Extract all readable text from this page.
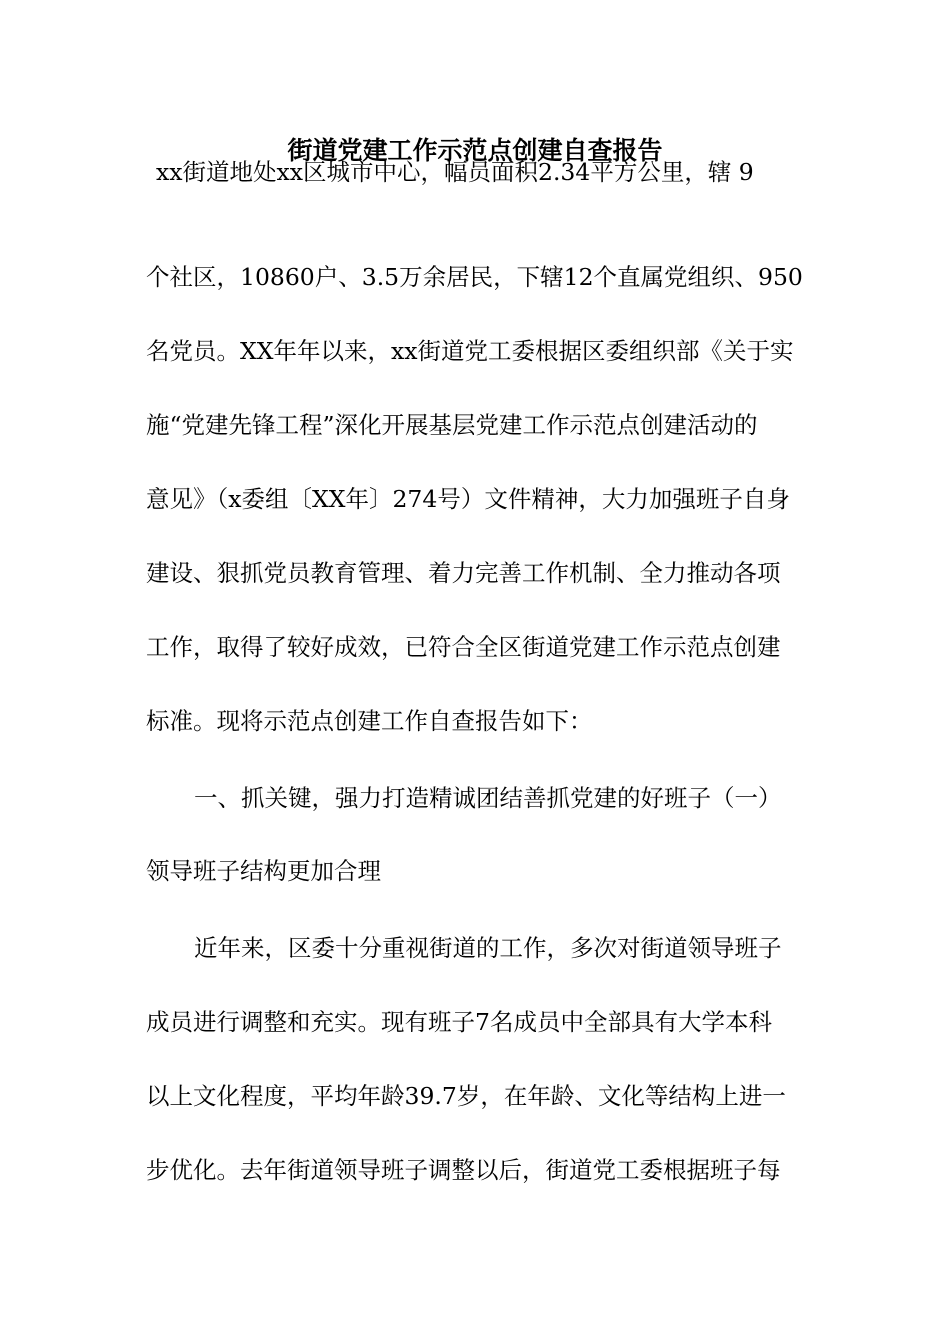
街道党建工作示范点创建自查报告
xx街道地处xx区城市中心，幅员面积2.34平方公里，辖 9
个社区，10860户、3.5万余居民，下辖12个直属党组织、950
名党员。XX年年以来，xx街道党工委根据区委组织部《关于实
施“党建先锋工程”深化开展基层党建工作示范点创建活动的
意见》（x委组〔XX年〕274号）文件精神，大力加强班子自身
建设、狠抓党员教育管理、着力完善工作机制、全力推动各项
工作，取得了较好成效，已符合全区街道党建工作示范点创建
标准。现将示范点创建工作自查报告如下：
一、抓关键，强力打造精诚团结善抓党建的好班子（一）
领导班子结构更加合理
近年来，区委十分重视街道的工作，多次对街道领导班子
成员进行调整和充实。现有班子7名成员中全部具有大学本科
以上文化程度，平均年龄39.7岁，在年龄、文化等结构上进一
步优化。去年街道领导班子调整以后，街道党工委根据班子每
